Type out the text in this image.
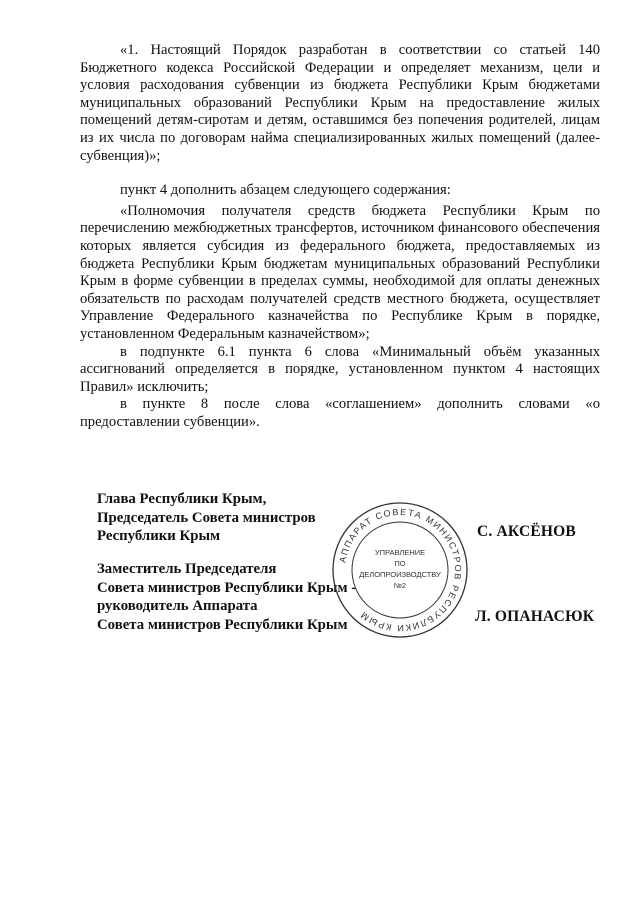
«1. Настоящий Порядок разработан в соответствии со статьей 140 Бюджетного кодекса Российской Федерации и определяет механизм, цели и условия расходования субвенции из бюджета Республики Крым бюджетами муниципальных образований Республики Крым на предоставление жилых помещений детям-сиротам и детям, оставшимся без попечения родителей, лицам из их числа по договорам найма специализированных жилых помещений (далее-субвенция)»;

пункт 4 дополнить абзацем следующего содержания:

«Полномочия получателя средств бюджета Республики Крым по перечислению межбюджетных трансфертов, источником финансового обеспечения которых является субсидия из федерального бюджета, предоставляемых из бюджета Республики Крым бюджетам муниципальных образований Республики Крым в форме субвенции в пределах суммы, необходимой для оплаты денежных обязательств по расходам получателей средств местного бюджета, осуществляет Управление Федерального казначейства по Республике Крым в порядке, установленном Федеральным казначейством»;

в подпункте 6.1 пункта 6 слова «Минимальный объём указанных ассигнований определяется в порядке, установленном пунктом 4 настоящих Правил» исключить;

в пункте 8 после слова «соглашением» дополнить словами «о предоставлении субвенции».

Глава Республики Крым,
Председатель Совета министров
Республики Крым	С. АКСЁНОВ
Заместитель Председателя
Совета министров Республики Крым -
руководитель Аппарата
Совета министров Республики Крым	Л. ОПАНАСЮК
АППАРАТ СОВЕТА МИНИСТРОВ РЕСПУБЛИКИ КРЫМ
УПРАВЛЕНИЕ
ПО
ДЕЛОПРОИЗВОДСТВУ
№2
